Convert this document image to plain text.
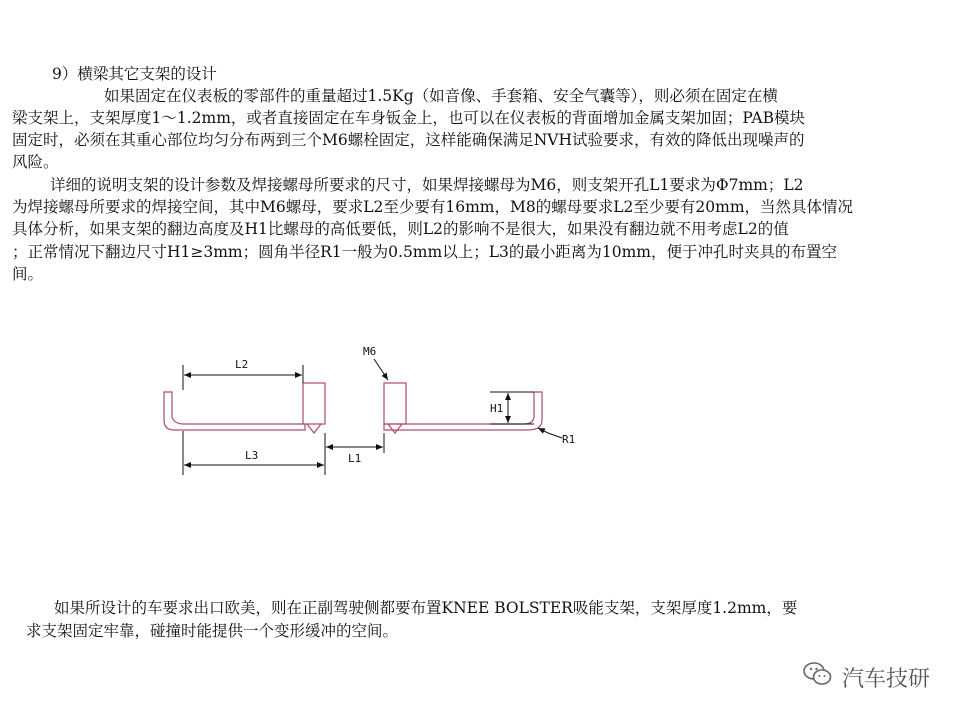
9）横梁其它支架的设计
如果固定在仪表板的零部件的重量超过1.5Kg（如音像、手套箱、安全气囊等），则必须在固定在横
梁支架上，支架厚度1～1.2mm，或者直接固定在车身钣金上，也可以在仪表板的背面增加金属支架加固；PAB模块
固定时，必须在其重心部位均匀分布两到三个M6螺栓固定，这样能确保满足NVH试验要求，有效的降低出现噪声的
风险。
详细的说明支架的设计参数及焊接螺母所要求的尺寸，如果焊接螺母为M6，则支架开孔L1要求为Φ7mm；L2
为焊接螺母所要求的焊接空间，其中M6螺母，要求L2至少要有16mm，M8的螺母要求L2至少要有20mm，当然具体情况
具体分析，如果支架的翻边高度及H1比螺母的高低要低，则L2的影响不是很大，如果没有翻边就不用考虑L2的值
；正常情况下翻边尺寸H1≥3mm；圆角半径R1一般为0.5mm以上；L3的最小距离为10mm，便于冲孔时夹具的布置空
间。
L2
L3	L1
M6
H1
R1
如果所设计的车要求出口欧美，则在正副驾驶侧都要布置KNEE BOLSTER吸能支架，支架厚度1.2mm，要
求支架固定牢靠，碰撞时能提供一个变形缓冲的空间。
汽车技研
